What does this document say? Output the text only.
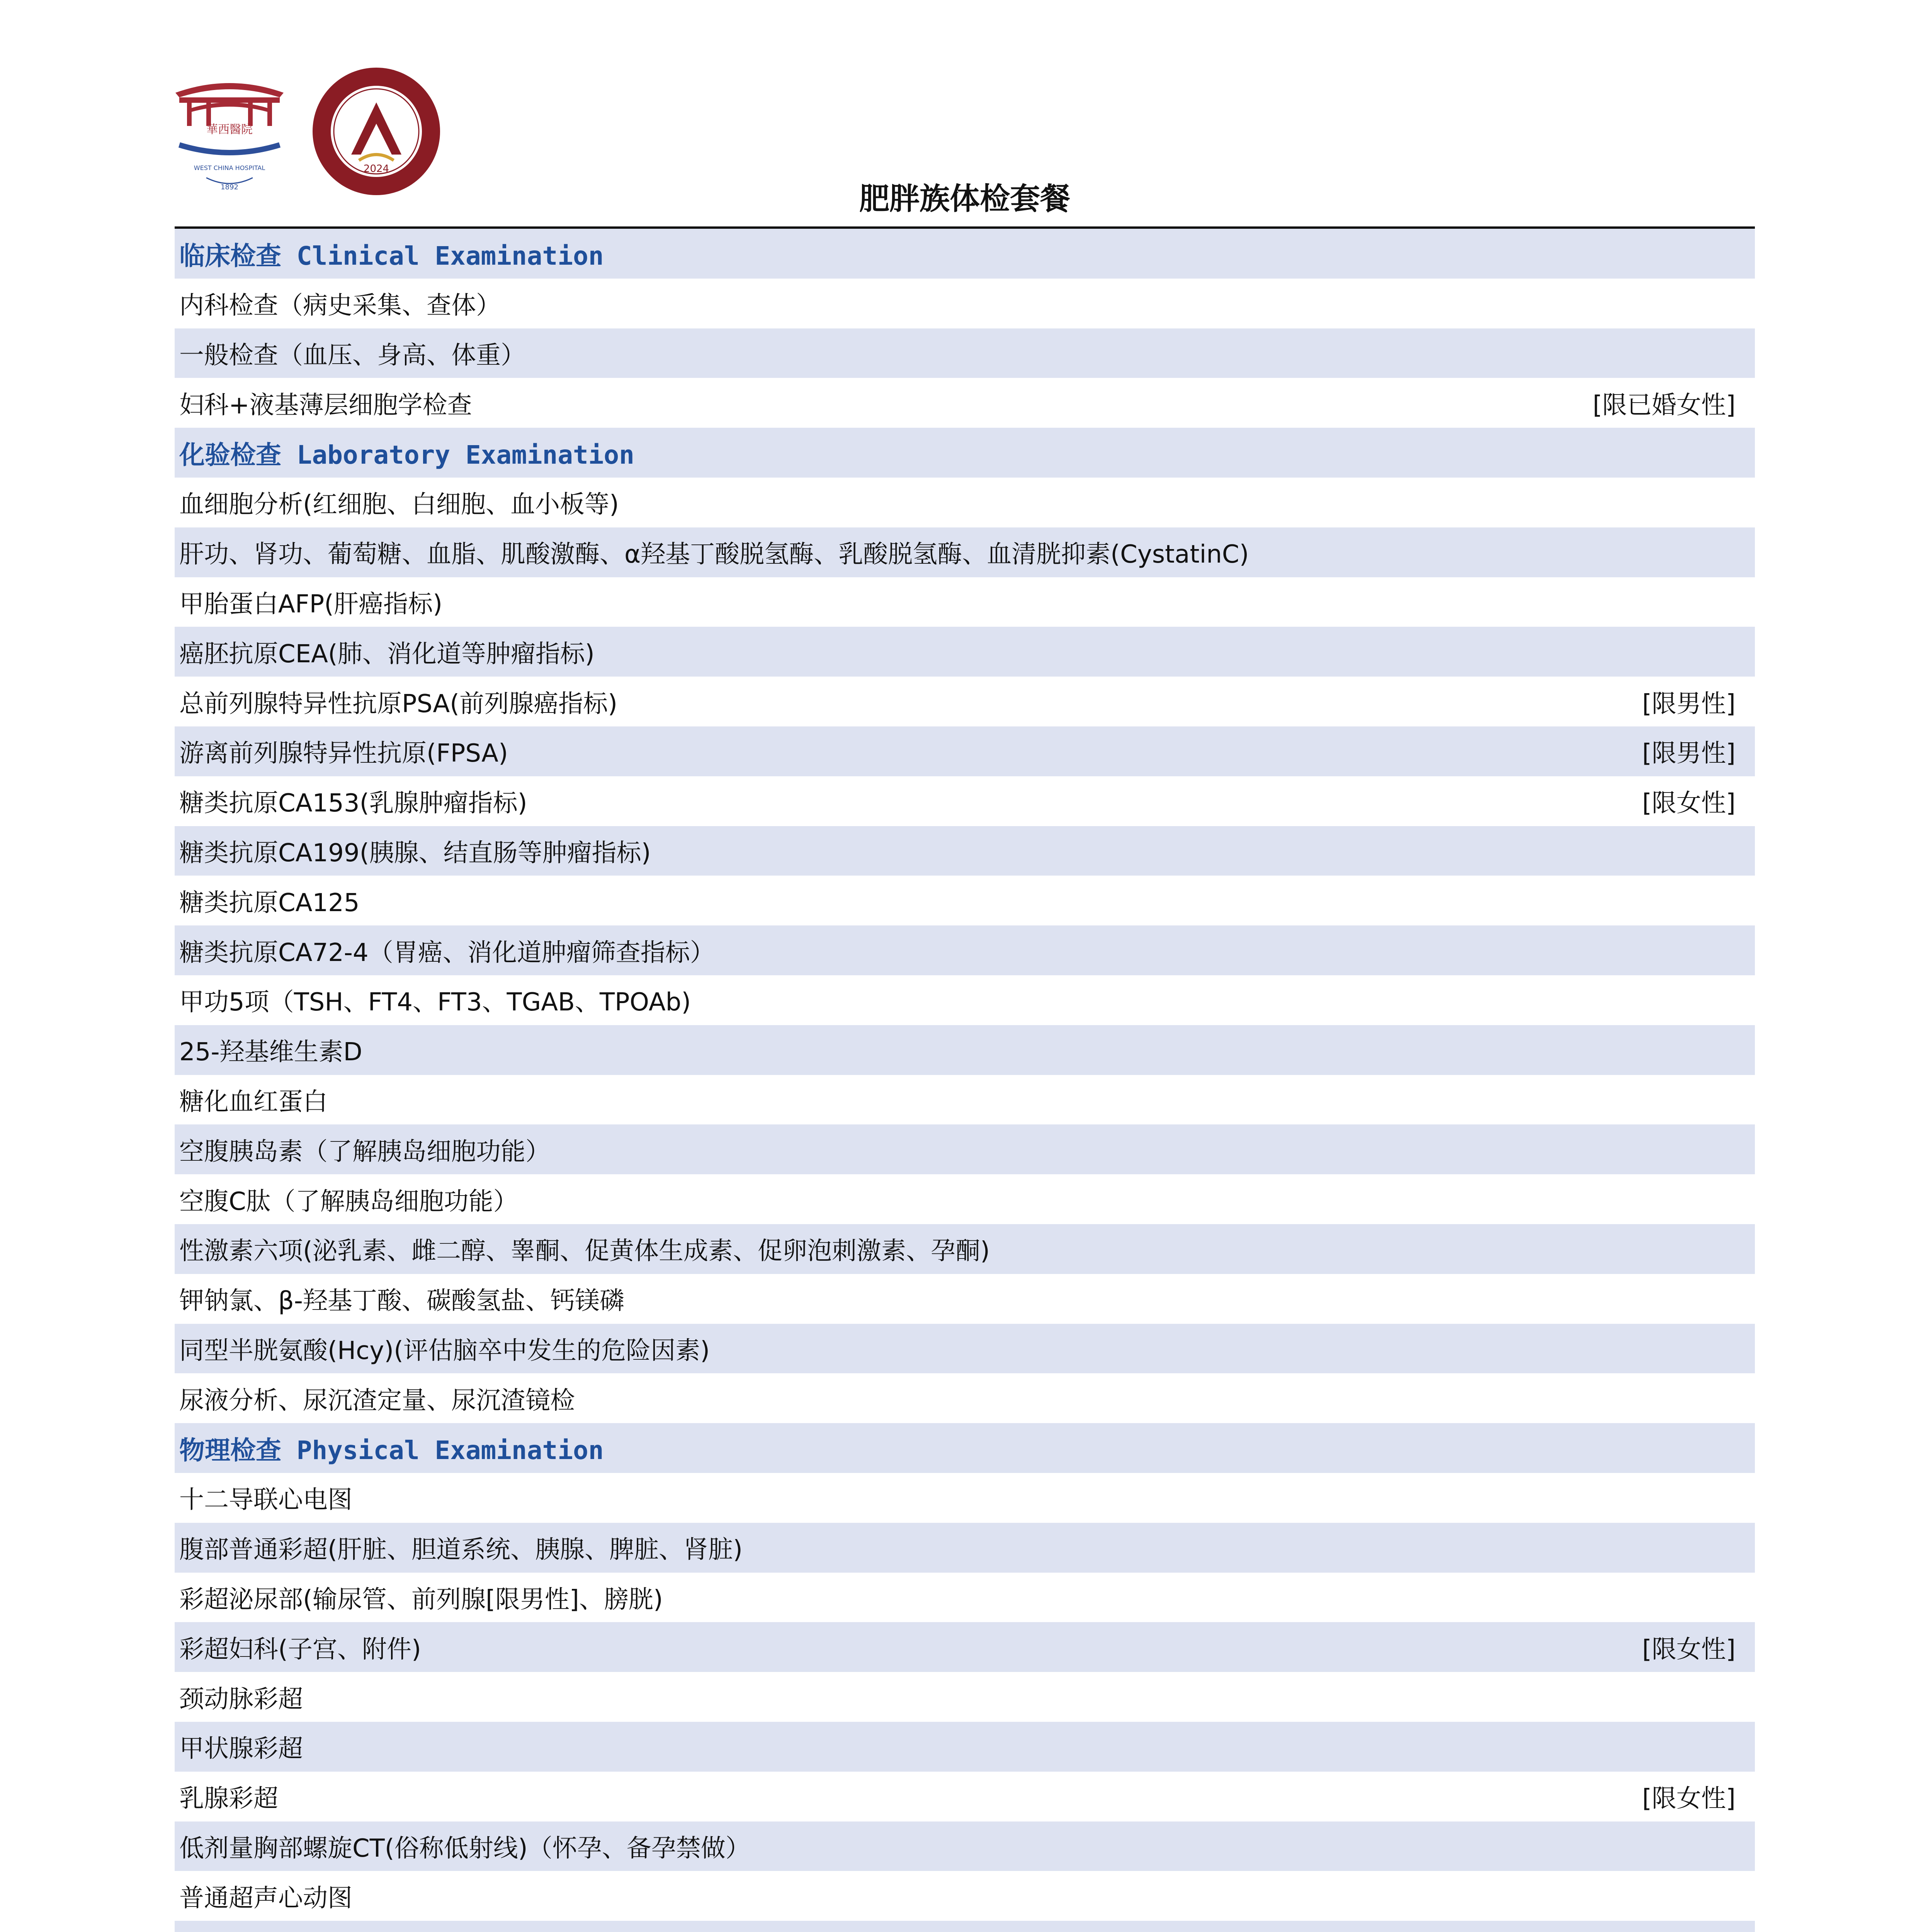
華西醫院
WEST CHINA HOSPITAL
1892
2024
肥胖族体检套餐
临床检查 Clinical Examination
内科检查（病史采集、查体）
一般检查（血压、身高、体重）
妇科+液基薄层细胞学检查	[限已婚女性]
化验检查 Laboratory Examination
血细胞分析(红细胞、白细胞、血小板等)
肝功、肾功、葡萄糖、血脂、肌酸激酶、α羟基丁酸脱氢酶、乳酸脱氢酶、血清胱抑素(CystatinC)
甲胎蛋白AFP(肝癌指标)
癌胚抗原CEA(肺、消化道等肿瘤指标)
总前列腺特异性抗原PSA(前列腺癌指标)	[限男性]
游离前列腺特异性抗原(FPSA)	[限男性]
糖类抗原CA153(乳腺肿瘤指标)	[限女性]
糖类抗原CA199(胰腺、结直肠等肿瘤指标)
糖类抗原CA125
糖类抗原CA72-4（胃癌、消化道肿瘤筛查指标）
甲功5项（TSH、FT4、FT3、TGAB、TPOAb)
25-羟基维生素D
糖化血红蛋白
空腹胰岛素（了解胰岛细胞功能）
空腹C肽（了解胰岛细胞功能）
性激素六项(泌乳素、雌二醇、睾酮、促黄体生成素、促卵泡刺激素、孕酮)
钾钠氯、β-羟基丁酸、碳酸氢盐、钙镁磷
同型半胱氨酸(Hcy)(评估脑卒中发生的危险因素)
尿液分析、尿沉渣定量、尿沉渣镜检
物理检查 Physical Examination
十二导联心电图
腹部普通彩超(肝脏、胆道系统、胰腺、脾脏、肾脏)
彩超泌尿部(输尿管、前列腺[限男性]、膀胱)
彩超妇科(子宫、附件)	[限女性]
颈动脉彩超
甲状腺彩超
乳腺彩超	[限女性]
低剂量胸部螺旋CT(俗称低射线)（怀孕、备孕禁做）
普通超声心动图
